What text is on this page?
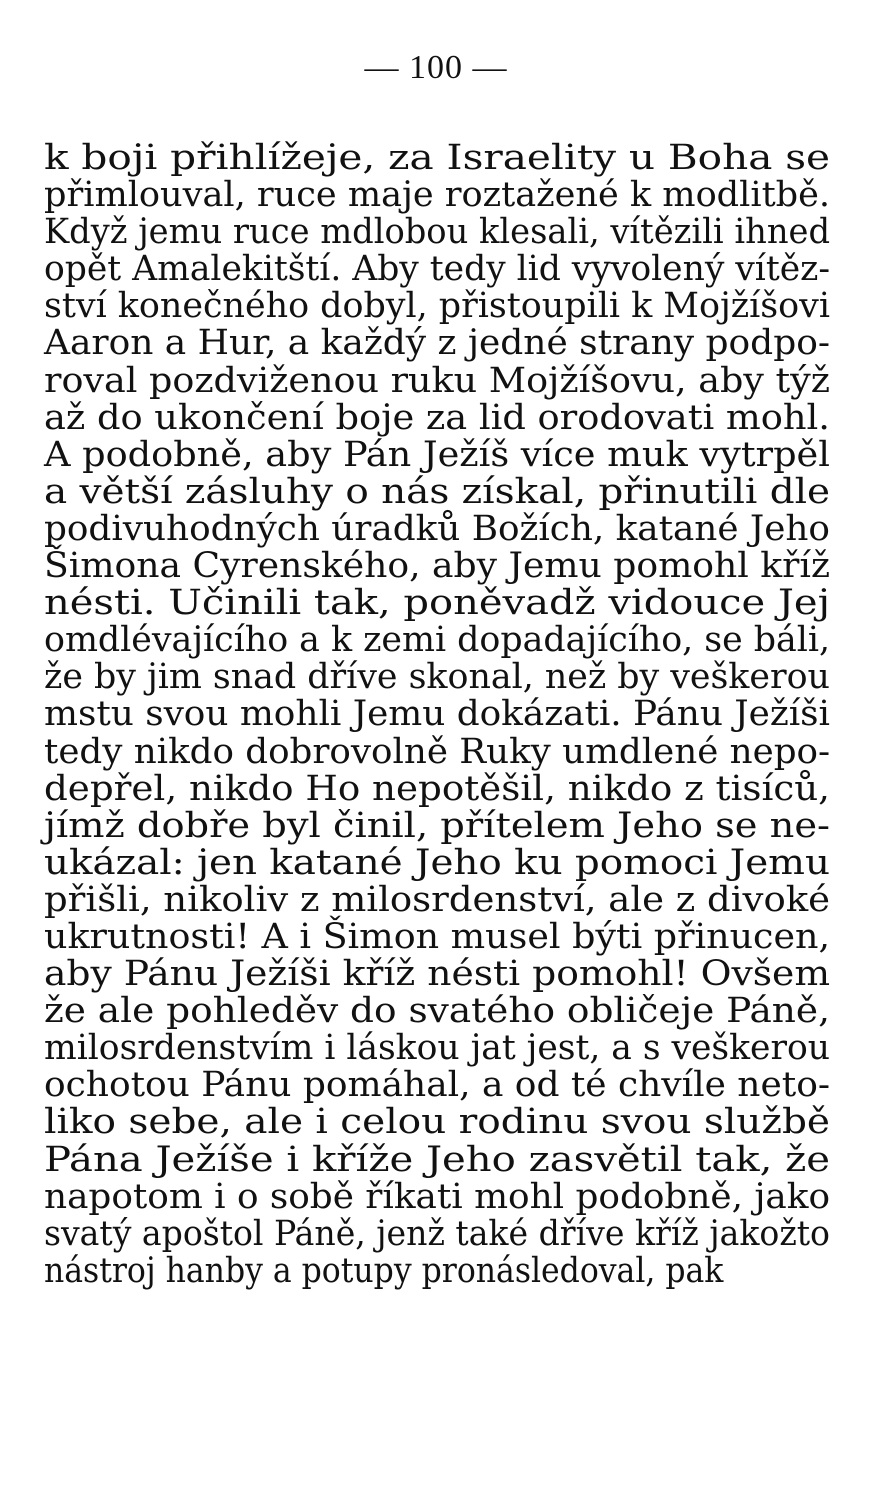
— 100 —
k boji přihlížeje, za Israelity u Boha se
přimlouval, ruce maje roztažené k modlitbě.
Když jemu ruce mdlobou klesali, vítězili ihned
opět Amalekitští. Aby tedy lid vyvolený vítěz-
ství konečného dobyl, přistoupili k Mojžíšovi
Aaron a Hur, a každý z jedné strany podpo-
roval pozdviženou ruku Mojžíšovu, aby týž
až do ukončení boje za lid orodovati mohl.
A podobně, aby Pán Ježíš více muk vytrpěl
a větší zásluhy o nás získal, přinutili dle
podivuhodných úradků Božích, katané Jeho
Šimona Cyrenského, aby Jemu pomohl kříž
nésti. Učinili tak, poněvadž vidouce Jej
omdlévajícího a k zemi dopadajícího, se báli,
že by jim snad dříve skonal, než by veškerou
mstu svou mohli Jemu dokázati. Pánu Ježíši
tedy nikdo dobrovolně Ruky umdlené nepo-
depřel, nikdo Ho nepotěšil, nikdo z tisíců,
jímž dobře byl činil, přítelem Jeho se ne-
ukázal: jen katané Jeho ku pomoci Jemu
přišli, nikoliv z milosrdenství, ale z divoké
ukrutnosti! A i Šimon musel býti přinucen,
aby Pánu Ježíši kříž nésti pomohl! Ovšem
že ale pohleděv do svatého obličeje Páně,
milosrdenstvím i láskou jat jest, a s veškerou
ochotou Pánu pomáhal, a od té chvíle neto-
liko sebe, ale i celou rodinu svou službě
Pána Ježíše i kříže Jeho zasvětil tak, že
napotom i o sobě říkati mohl podobně, jako
svatý apoštol Páně, jenž také dříve kříž jakožto
nástroj hanby a potupy pronásledoval, pak
